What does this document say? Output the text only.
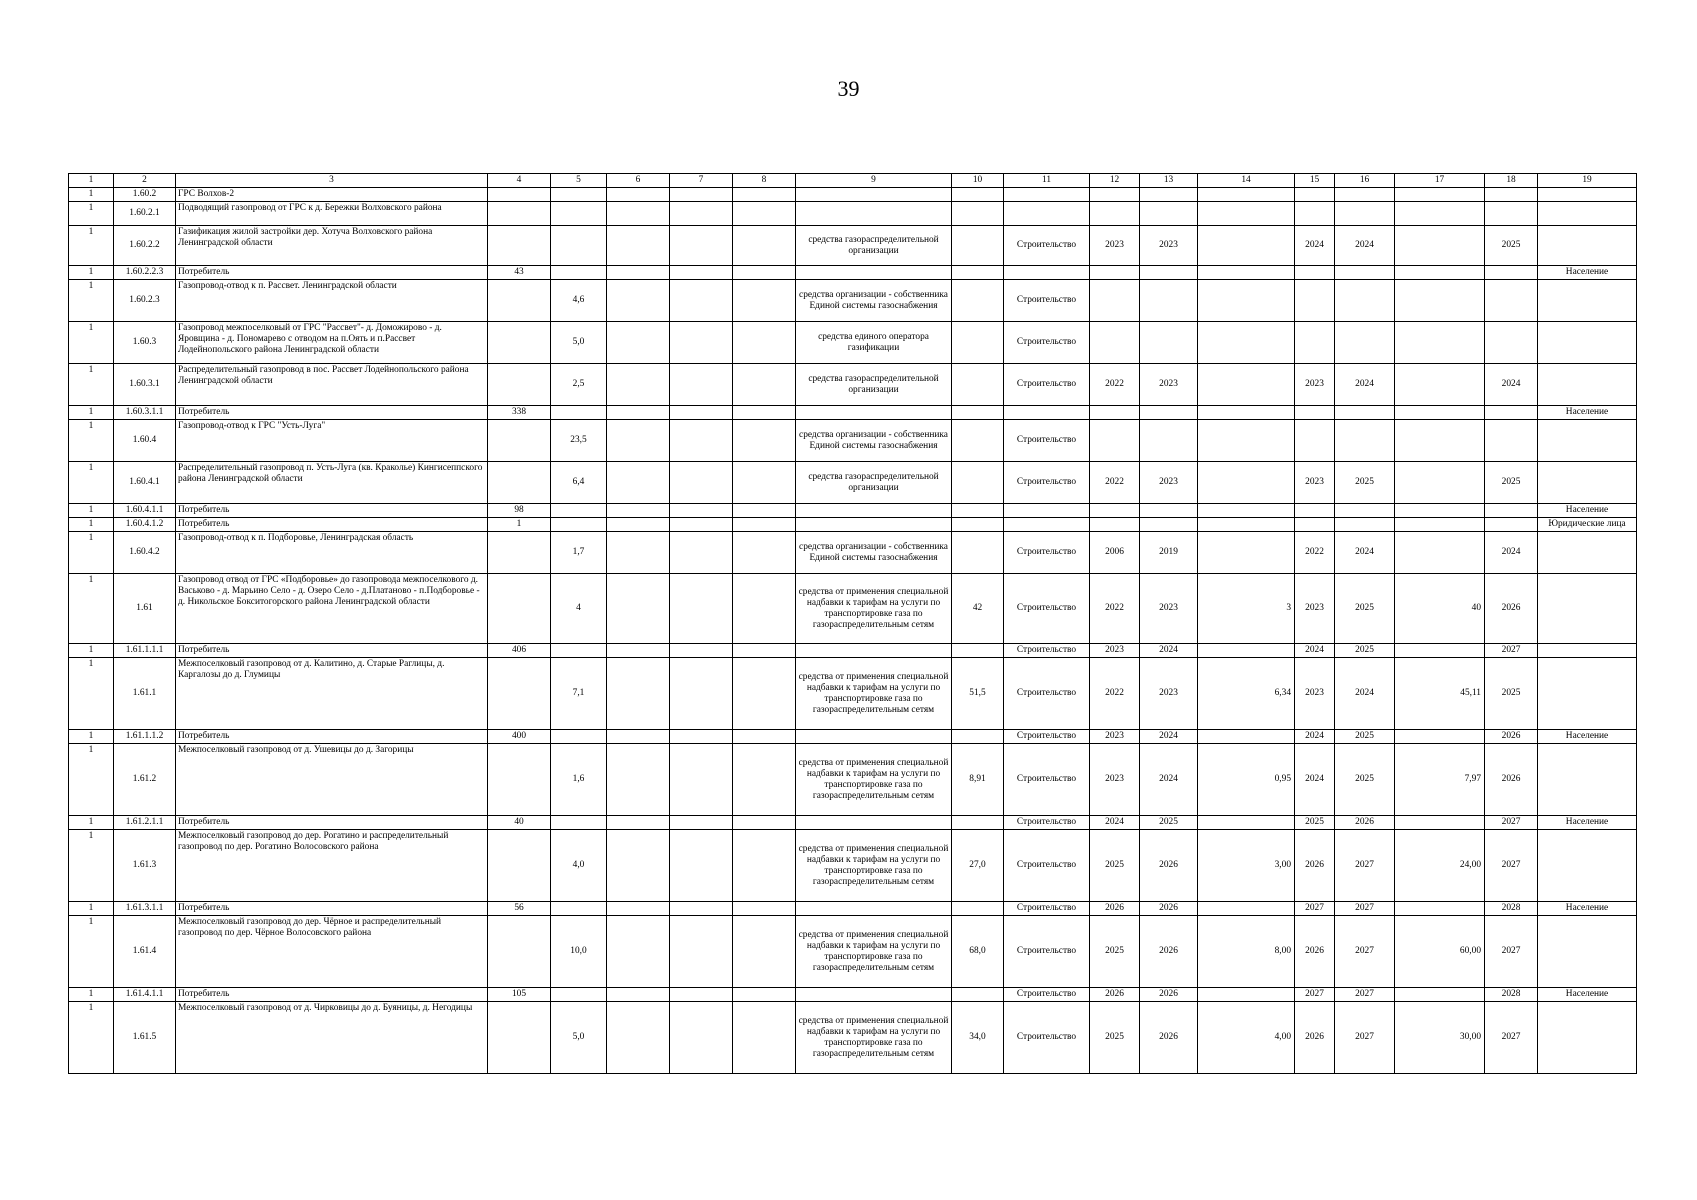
39
1	2	3	4	5	6	7	8	9	10	11	12	13	14	15	16	17	18	19
1	1.60.2	ГРС Волхов-2																
1	1.60.2.1	Подводящий газопровод от ГРС к д. Бережки Волховского района																
1	1.60.2.2	Газификация жилой застройки дер. Хотуча Волховского района Ленинградской области						средства газораспределительной организации		Строительство	2023	2023		2024	2024		2025	
1	1.60.2.2.3	Потребитель	43															Население
1	1.60.2.3	Газопровод-отвод к п. Рассвет. Ленинградской области		4,6				средства организации - собственника Единой системы газоснабжения		Строительство								
1	1.60.3	Газопровод межпоселковый от ГРС "Рассвет"- д. Доможирово - д. Яровщина - д. Пономарево с отводом на п.Оять и п.Рассвет Лодейнопольского района Ленинградской области		5,0				средства единого оператора газификации		Строительство								
1	1.60.3.1	Распределительный газопровод в пос. Рассвет Лодейнопольского района Ленинградской области		2,5				средства газораспределительной организации		Строительство	2022	2023		2023	2024		2024	
1	1.60.3.1.1	Потребитель	338															Население
1	1.60.4	Газопровод-отвод к ГРС "Усть-Луга"		23,5				средства организации - собственника Единой системы газоснабжения		Строительство								
1	1.60.4.1	Распределительный газопровод п. Усть-Луга (кв. Краколье) Кингисеппского района Ленинградской области		6,4				средства газораспределительной организации		Строительство	2022	2023		2023	2025		2025	
1	1.60.4.1.1	Потребитель	98															Население
1	1.60.4.1.2	Потребитель	1															Юридические лица
1	1.60.4.2	Газопровод-отвод к п. Подборовье, Ленинградская область		1,7				средства организации - собственника Единой системы газоснабжения		Строительство	2006	2019		2022	2024		2024	
1	1.61	Газопровод отвод от ГРС «Подборовье» до газопровода межпоселкового д. Васьково - д. Марьино Село - д. Озеро Село - д.Платаново - п.Подборовье - д. Никольское Бокситогорского района Ленинградской области		4				средства от применения специальной надбавки к тарифам на услуги по транспортировке газа по газораспределительным сетям	42	Строительство	2022	2023	3	2023	2025	40	2026	
1	1.61.1.1.1	Потребитель	406							Строительство	2023	2024		2024	2025		2027	
1	1.61.1	Межпоселковый газопровод от д. Калитино, д. Старые Раглицы, д. Каргалозы до д. Глумицы		7,1				средства от применения специальной надбавки к тарифам на услуги по транспортировке газа по газораспределительным сетям	51,5	Строительство	2022	2023	6,34	2023	2024	45,11	2025	
1	1.61.1.1.2	Потребитель	400							Строительство	2023	2024		2024	2025		2026	Население
1	1.61.2	Межпоселковый газопровод от д. Ушевицы до д. Загорицы		1,6				средства от применения специальной надбавки к тарифам на услуги по транспортировке газа по газораспределительным сетям	8,91	Строительство	2023	2024	0,95	2024	2025	7,97	2026	
1	1.61.2.1.1	Потребитель	40							Строительство	2024	2025		2025	2026		2027	Население
1	1.61.3	Межпоселковый газопровод до дер. Рогатино и распределительный газопровод по дер. Рогатино Волосовского района		4,0				средства от применения специальной надбавки к тарифам на услуги по транспортировке газа по газораспределительным сетям	27,0	Строительство	2025	2026	3,00	2026	2027	24,00	2027	
1	1.61.3.1.1	Потребитель	56							Строительство	2026	2026		2027	2027		2028	Население
1	1.61.4	Межпоселковый газопровод до дер. Чёрное и распределительный газопровод по дер. Чёрное Волосовского района		10,0				средства от применения специальной надбавки к тарифам на услуги по транспортировке газа по газораспределительным сетям	68,0	Строительство	2025	2026	8,00	2026	2027	60,00	2027	
1	1.61.4.1.1	Потребитель	105							Строительство	2026	2026		2027	2027		2028	Население
1	1.61.5	Межпоселковый газопровод от д. Чирковицы до д. Буяницы, д. Негодицы		5,0				средства от применения специальной надбавки к тарифам на услуги по транспортировке газа по газораспределительным сетям	34,0	Строительство	2025	2026	4,00	2026	2027	30,00	2027	
